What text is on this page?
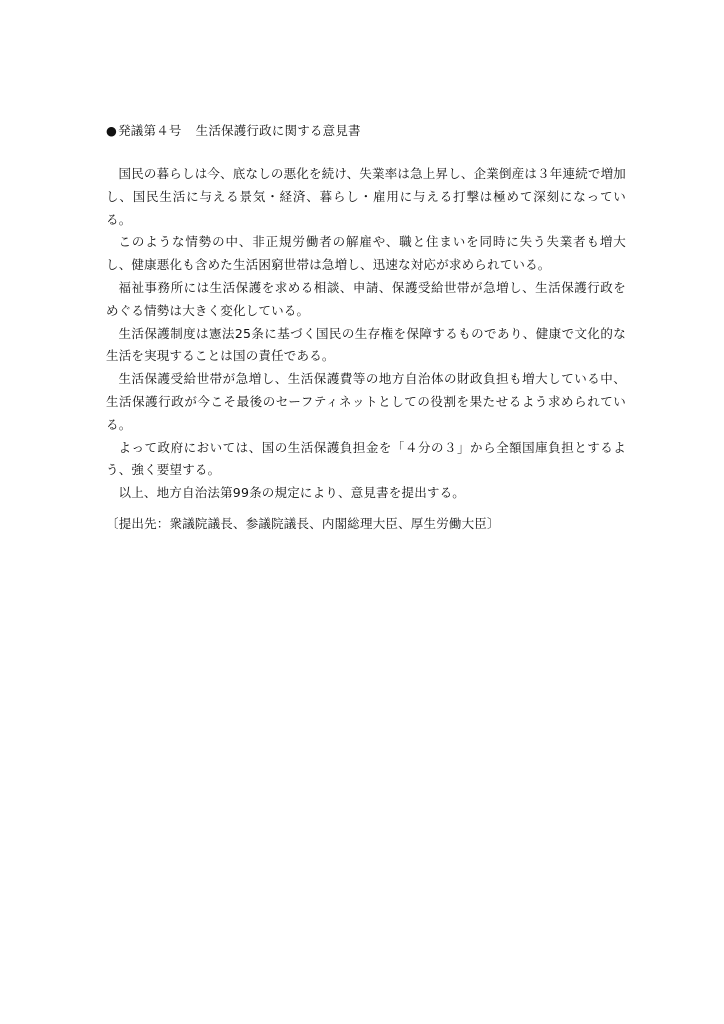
●発議第４号 生活保護行政に関する意見書

国民の暮らしは今、底なしの悪化を続け、失業率は急上昇し、企業倒産は３年連続で増加し、国民生活に与える景気・経済、暮らし・雇用に与える打撃は極めて深刻になっている。

このような情勢の中、非正規労働者の解雇や、職と住まいを同時に失う失業者も増大し、健康悪化も含めた生活困窮世帯は急増し、迅速な対応が求められている。

福祉事務所には生活保護を求める相談、申請、保護受給世帯が急増し、生活保護行政をめぐる情勢は大きく変化している。

生活保護制度は憲法25条に基づく国民の生存権を保障するものであり、健康で文化的な生活を実現することは国の責任である。

生活保護受給世帯が急増し、生活保護費等の地方自治体の財政負担も増大している中、生活保護行政が今こそ最後のセーフティネットとしての役割を果たせるよう求められている。

よって政府においては、国の生活保護負担金を「４分の３」から全額国庫負担とするよう、強く要望する。

以上、地方自治法第99条の規定により、意見書を提出する。

〔提出先：衆議院議長、参議院議長、内閣総理大臣、厚生労働大臣〕
